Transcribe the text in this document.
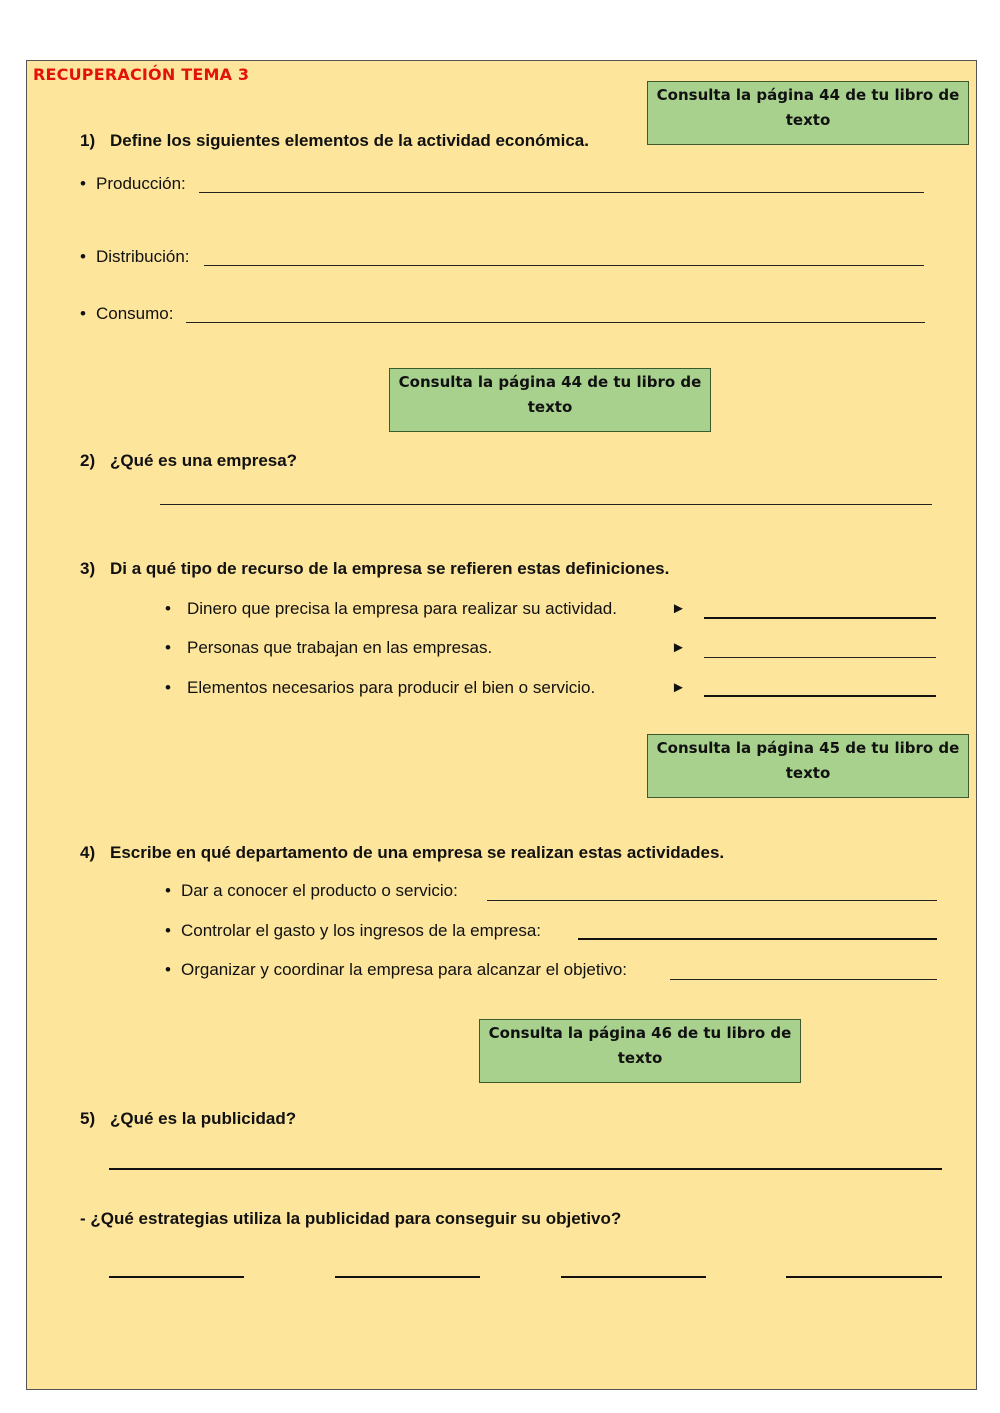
RECUPERACIÓN TEMA 3
Consulta la página 44 de tu libro de texto
1) Define los siguientes elementos de la actividad económica.
• Producción:
• Distribución:
• Consumo:
Consulta la página 44 de tu libro de texto
2) ¿Qué es una empresa?
3) Di a qué tipo de recurso de la empresa se refieren estas definiciones.
• Dinero que precisa la empresa para realizar su actividad.	►
• Personas que trabajan en las empresas.	►
• Elementos necesarios para producir el bien o servicio.	►
Consulta la página 45 de tu libro de texto
4) Escribe en qué departamento de una empresa se realizan estas actividades.
• Dar a conocer el producto o servicio:
• Controlar el gasto y los ingresos de la empresa:
• Organizar y coordinar la empresa para alcanzar el objetivo:
Consulta la página 46 de tu libro de texto
5) ¿Qué es la publicidad?
- ¿Qué estrategias utiliza la publicidad para conseguir su objetivo?
